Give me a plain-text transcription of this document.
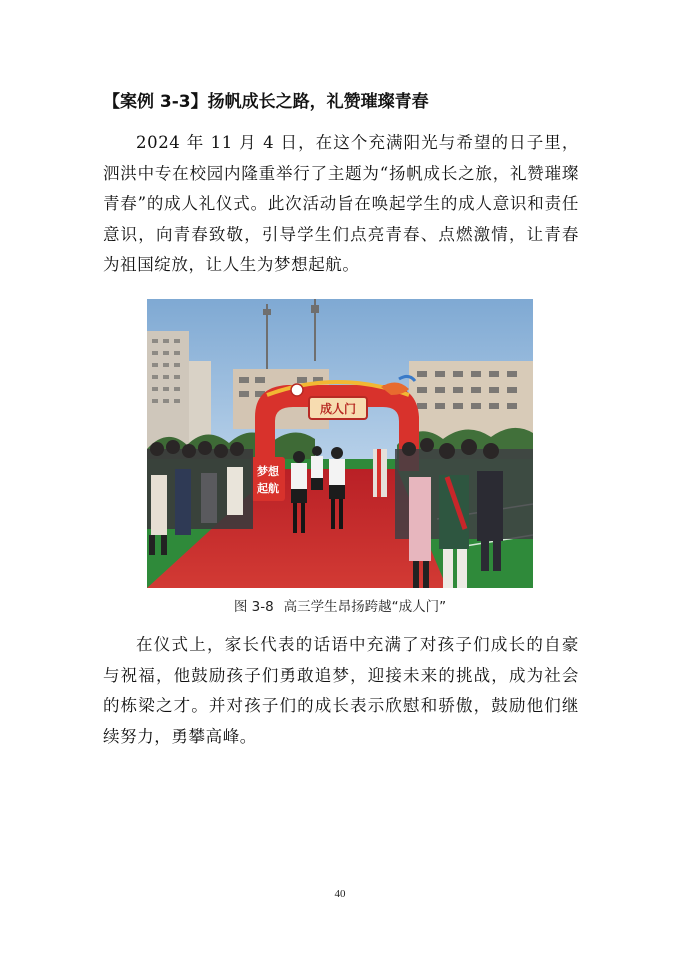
【案例 3-3】扬帆成长之路，礼赞璀璨青春

2024 年 11 月 4 日，在这个充满阳光与希望的日子里，泗洪中专在校园内隆重举行了主题为“扬帆成长之旅，礼赞璀璨青春”的成人礼仪式。此次活动旨在唤起学生的成人意识和责任意识，向青春致敬，引导学生们点亮青春、点燃激情，让青春为祖国绽放，让人生为梦想起航。

成人门
梦想
起航
图 3-8 高三学生昂扬跨越“成人门”

在仪式上，家长代表的话语中充满了对孩子们成长的自豪与祝福，他鼓励孩子们勇敢追梦，迎接未来的挑战，成为社会的栋梁之才。并对孩子们的成长表示欣慰和骄傲，鼓励他们继续努力，勇攀高峰。

40
